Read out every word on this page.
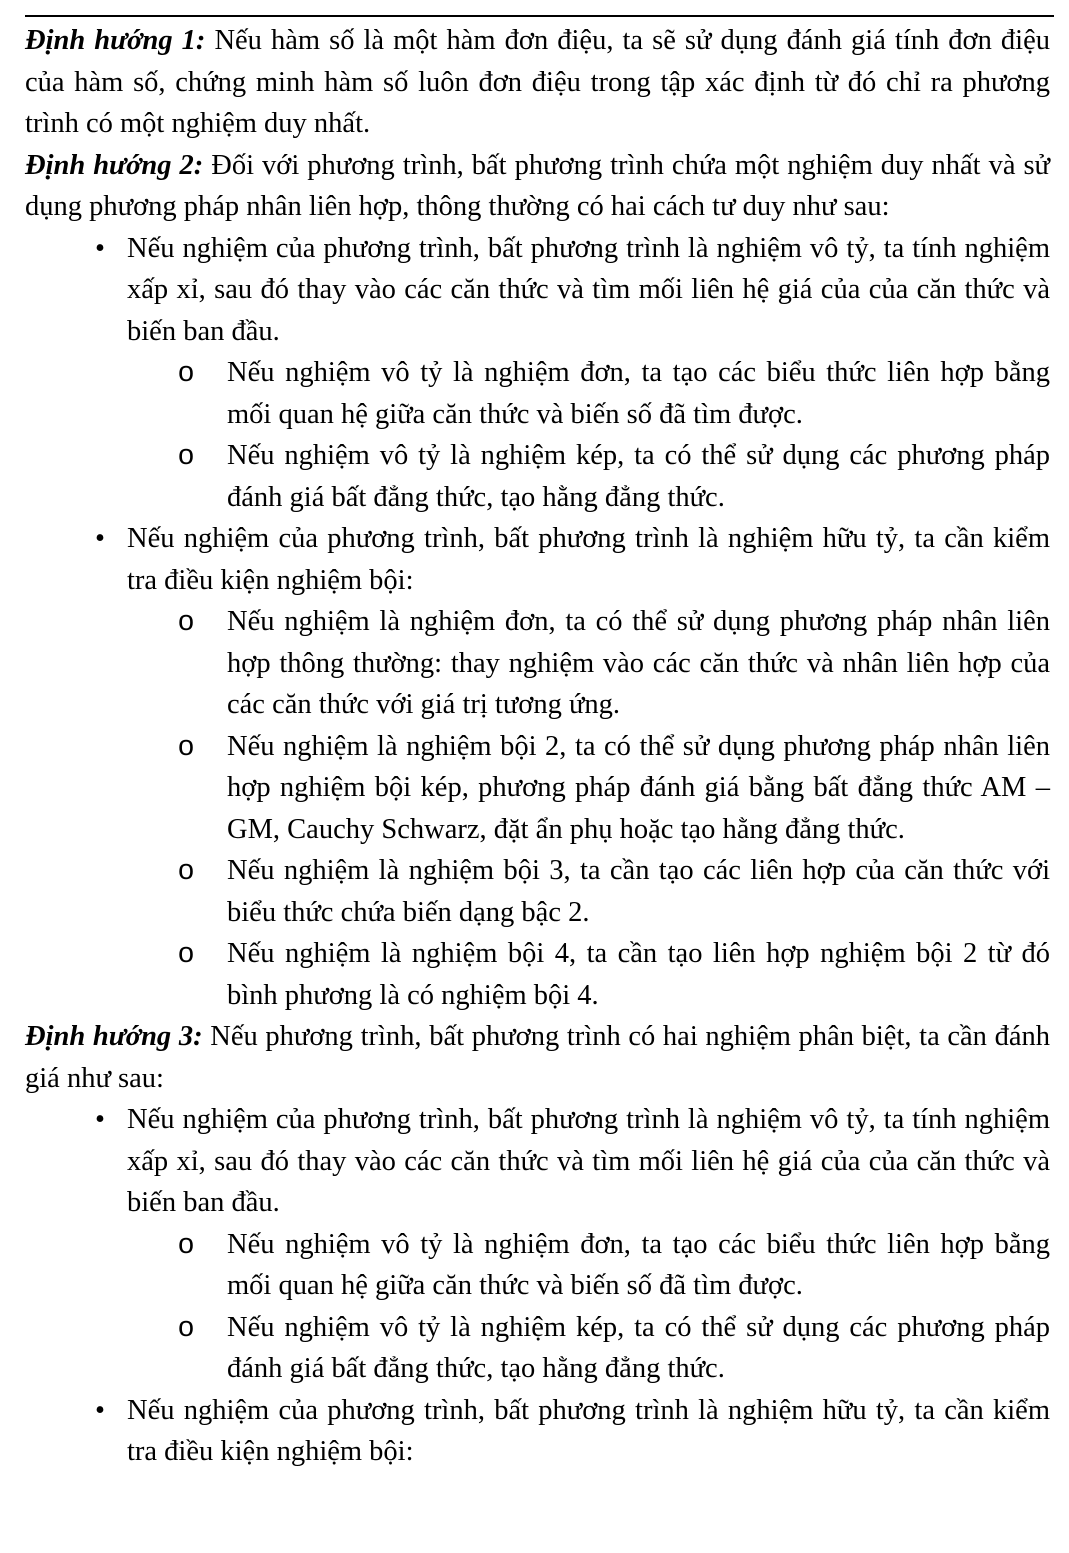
Định hướng 1: Nếu hàm số là một hàm đơn điệu, ta sẽ sử dụng đánh giá tính đơn điệu của hàm số, chứng minh hàm số luôn đơn điệu trong tập xác định từ đó chỉ ra phương trình có một nghiệm duy nhất.

Định hướng 2: Đối với phương trình, bất phương trình chứa một nghiệm duy nhất và sử dụng phương pháp nhân liên hợp, thông thường có hai cách tư duy như sau:

• Nếu nghiệm của phương trình, bất phương trình là nghiệm vô tỷ, ta tính nghiệm xấp xỉ, sau đó thay vào các căn thức và tìm mối liên hệ giá của của căn thức và biến ban đầu.
o Nếu nghiệm vô tỷ là nghiệm đơn, ta tạo các biểu thức liên hợp bằng mối quan hệ giữa căn thức và biến số đã tìm được.
o Nếu nghiệm vô tỷ là nghiệm kép, ta có thể sử dụng các phương pháp đánh giá bất đẳng thức, tạo hằng đẳng thức.
• Nếu nghiệm của phương trình, bất phương trình là nghiệm hữu tỷ, ta cần kiểm tra điều kiện nghiệm bội:
o Nếu nghiệm là nghiệm đơn, ta có thể sử dụng phương pháp nhân liên hợp thông thường: thay nghiệm vào các căn thức và nhân liên hợp của các căn thức với giá trị tương ứng.
o Nếu nghiệm là nghiệm bội 2, ta có thể sử dụng phương pháp nhân liên hợp nghiệm bội kép, phương pháp đánh giá bằng bất đẳng thức AM – GM, Cauchy Schwarz, đặt ẩn phụ hoặc tạo hằng đẳng thức.
o Nếu nghiệm là nghiệm bội 3, ta cần tạo các liên hợp của căn thức với biểu thức chứa biến dạng bậc 2.
o Nếu nghiệm là nghiệm bội 4, ta cần tạo liên hợp nghiệm bội 2 từ đó bình phương là có nghiệm bội 4.

Định hướng 3: Nếu phương trình, bất phương trình có hai nghiệm phân biệt, ta cần đánh giá như sau:

• Nếu nghiệm của phương trình, bất phương trình là nghiệm vô tỷ, ta tính nghiệm xấp xỉ, sau đó thay vào các căn thức và tìm mối liên hệ giá của của căn thức và biến ban đầu.
o Nếu nghiệm vô tỷ là nghiệm đơn, ta tạo các biểu thức liên hợp bằng mối quan hệ giữa căn thức và biến số đã tìm được.
o Nếu nghiệm vô tỷ là nghiệm kép, ta có thể sử dụng các phương pháp đánh giá bất đẳng thức, tạo hằng đẳng thức.
• Nếu nghiệm của phương trình, bất phương trình là nghiệm hữu tỷ, ta cần kiểm tra điều kiện nghiệm bội:
